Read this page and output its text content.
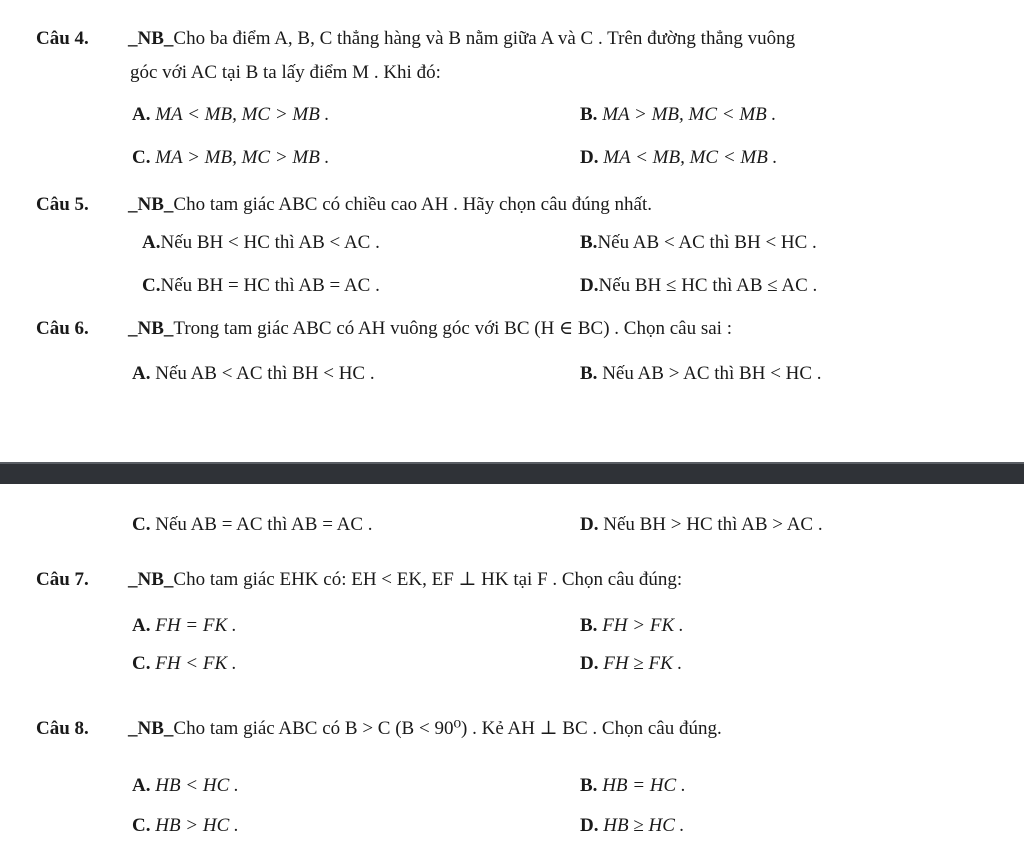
Câu 4. _NB_Cho ba điểm A, B, C thẳng hàng và B nằm giữa A và C . Trên đường thẳng vuông
góc với AC tại B ta lấy điểm M . Khi đó:
A. MA < MB, MC > MB .	B. MA > MB, MC < MB .
C. MA > MB, MC > MB .	D. MA < MB, MC < MB .
Câu 5. _NB_Cho tam giác ABC có chiều cao AH . Hãy chọn câu đúng nhất.
A.Nếu BH < HC thì AB < AC .	B.Nếu AB < AC thì BH < HC .
C.Nếu BH = HC thì AB = AC .	D.Nếu BH ≤ HC thì AB ≤ AC .
Câu 6. _NB_Trong tam giác ABC có AH vuông góc với BC (H ∈ BC) . Chọn câu sai :
A. Nếu AB < AC thì BH < HC .	B. Nếu AB > AC thì BH < HC .
C. Nếu AB = AC thì AB = AC .	D. Nếu BH > HC thì AB > AC .
Câu 7. _NB_Cho tam giác EHK có: EH < EK, EF ⊥ HK tại F . Chọn câu đúng:
A. FH = FK .	B. FH > FK .
C. FH < FK .	D. FH ≥ FK .
Câu 8. _NB_Cho tam giác ABC có B > C (B < 90⁰) . Kẻ AH ⊥ BC . Chọn câu đúng.
A. HB < HC .	B. HB = HC .
C. HB > HC .	D. HB ≥ HC .
